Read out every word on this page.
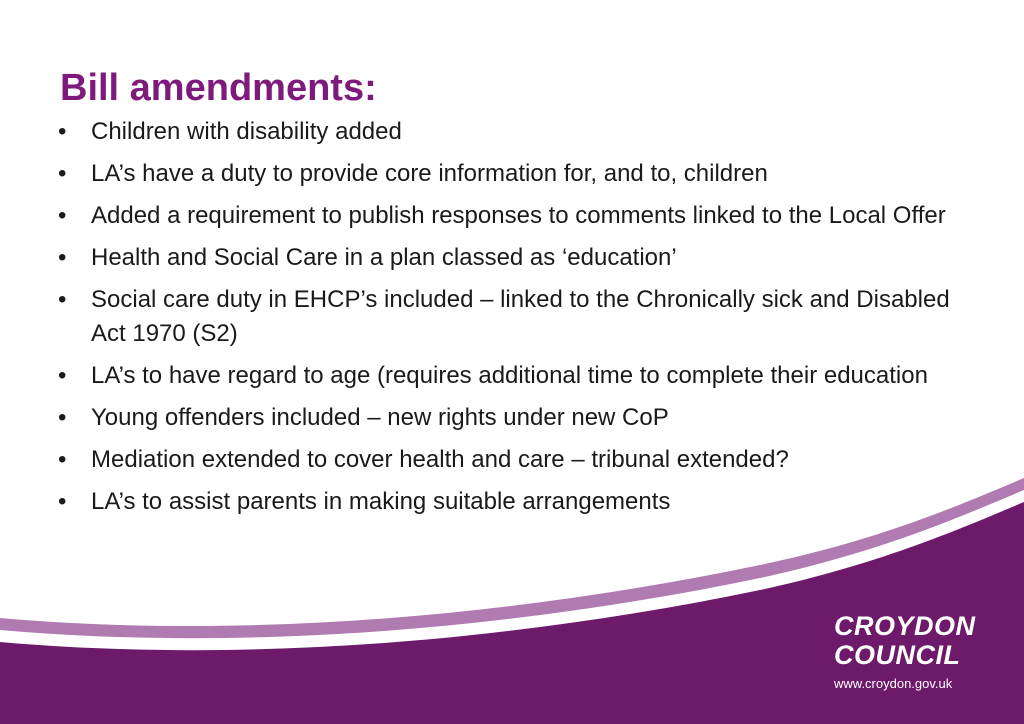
Bill amendments:
•	Children with disability added
•	LA’s have a duty to provide core information for, and to, children
•	Added a requirement to publish responses to comments linked to the Local Offer
•	Health and Social Care in a plan classed as ‘education’
•	Social care duty in EHCP’s included – linked to the Chronically sick and Disabled Act 1970 (S2)
•	LA’s to have regard to age (requires additional time to complete their education
•	Young offenders included – new rights under new CoP
•	Mediation extended to cover health and care – tribunal extended?
•	LA’s to assist parents in making suitable arrangements
CROYDON
COUNCIL
www.croydon.gov.uk
